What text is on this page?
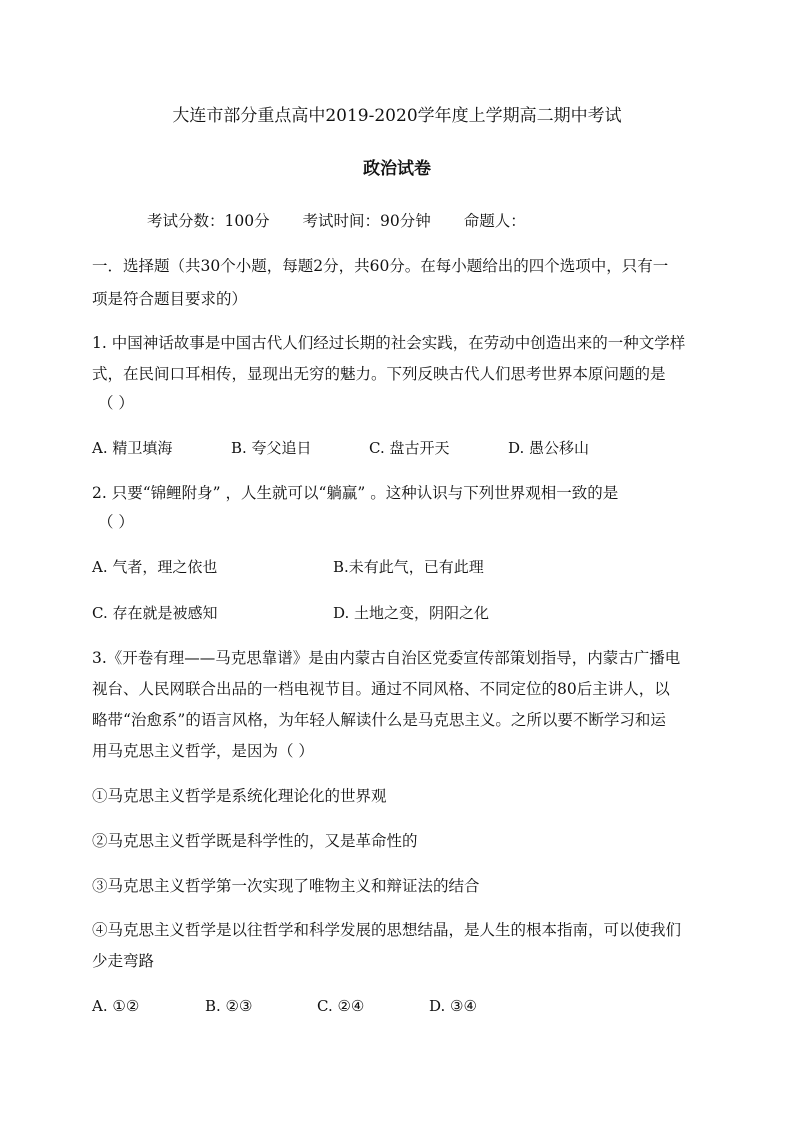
大连市部分重点高中2019-2020学年度上学期高二期中考试
政治试卷
考试分数：100分 考试时间：90分钟 命题人：
一．选择题（共30个小题，每题2分，共60分。在每小题给出的四个选项中，只有一
项是符合题目要求的）
1. 中国神话故事是中国古代人们经过长期的社会实践，在劳动中创造出来的一种文学样
式，在民间口耳相传，显现出无穷的魅力。下列反映古代人们思考世界本原问题的是
（ ）
A. 精卫填海	B. 夸父追日	C. 盘古开天	D. 愚公移山
2. 只要“锦鲤附身” ，人生就可以“躺赢” 。这种认识与下列世界观相一致的是
（ ）
A. 气者，理之依也	B.未有此气，已有此理
C. 存在就是被感知	D. 土地之变，阴阳之化
3.《开卷有理——马克思靠谱》是由内蒙古自治区党委宣传部策划指导，内蒙古广播电
视台、人民网联合出品的一档电视节目。通过不同风格、不同定位的80后主讲人，以
略带“治愈系”的语言风格，为年轻人解读什么是马克思主义。之所以要不断学习和运
用马克思主义哲学，是因为（ ）
①马克思主义哲学是系统化理论化的世界观
②马克思主义哲学既是科学性的，又是革命性的
③马克思主义哲学第一次实现了唯物主义和辩证法的结合
④马克思主义哲学是以往哲学和科学发展的思想结晶，是人生的根本指南，可以使我们
少走弯路
A. ①②	B. ②③	C. ②④	D. ③④
